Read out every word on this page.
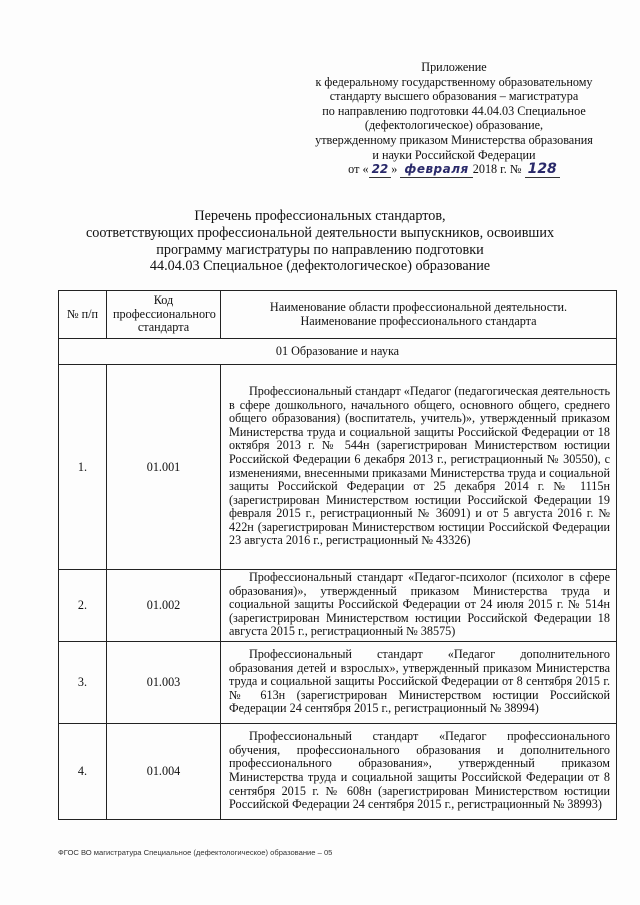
Приложение
к федеральному государственному образовательному
стандарту высшего образования – магистратура
по направлению подготовки 44.04.03 Специальное
(дефектологическое) образование,
утвержденному приказом Министерства образования
и науки Российской Федерации
от « 22 » февраля 2018 г. № 128
Перечень профессиональных стандартов,
соответствующих профессиональной деятельности выпускников, освоивших
программу магистратуры по направлению подготовки
44.04.03 Специальное (дефектологическое) образование
№ п/п	Код профессионального стандарта	Наименование области профессиональной деятельности. Наименование профессионального стандарта
01 Образование и наука		
1.	01.001	Профессиональный стандарт «Педагог (педагогическая деятельность в сфере дошкольного, начального общего, основного общего, среднего общего образования) (воспитатель, учитель)», утвержденный приказом Министерства труда и социальной защиты Российской Федерации от 18 октября 2013 г. № 544н (зарегистрирован Министерством юстиции Российской Федерации 6 декабря 2013 г., регистрационный № 30550), с изменениями, внесенными приказами Министерства труда и социальной защиты Российской Федерации от 25 декабря 2014 г. № 1115н (зарегистрирован Министерством юстиции Российской Федерации 19 февраля 2015 г., регистрационный № 36091) и от 5 августа 2016 г. № 422н (зарегистрирован Министерством юстиции Российской Федерации 23 августа 2016 г., регистрационный № 43326)
2.	01.002	Профессиональный стандарт «Педагог-психолог (психолог в сфере образования)», утвержденный приказом Министерства труда и социальной защиты Российской Федерации от 24 июля 2015 г. № 514н (зарегистрирован Министерством юстиции Российской Федерации 18 августа 2015 г., регистрационный № 38575)
3.	01.003	Профессиональный стандарт «Педагог дополнительного образования детей и взрослых», утвержденный приказом Министерства труда и социальной защиты Российской Федерации от 8 сентября 2015 г. № 613н (зарегистрирован Министерством юстиции Российской Федерации 24 сентября 2015 г., регистрационный № 38994)
4.	01.004	Профессиональный стандарт «Педагог профессионального обучения, профессионального образования и дополнительного профессионального образования», утвержденный приказом Министерства труда и социальной защиты Российской Федерации от 8 сентября 2015 г. № 608н (зарегистрирован Министерством юстиции Российской Федерации 24 сентября 2015 г., регистрационный № 38993)
ФГОС ВО магистратура Специальное (дефектологическое) образование – 05
